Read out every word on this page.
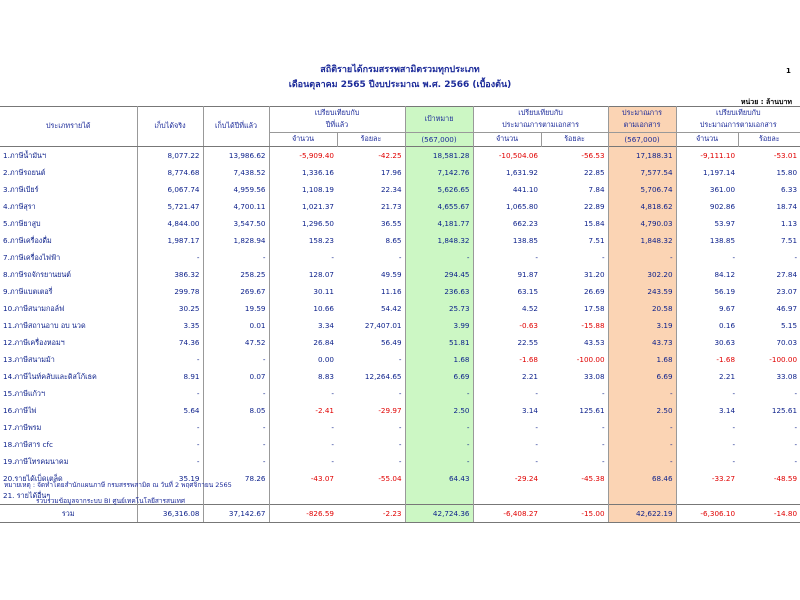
สถิติรายได้กรมสรรพสามิตรวมทุกประเภท
เดือนตุลาคม 2565 ปีงบประมาณ พ.ศ. 2566 (เบื้องต้น)
1
หน่วย : ล้านบาท
ประเภทรายได้	เก็บได้จริง	เก็บได้ปีที่แล้ว	เปรียบเทียบกับ		เป้าหมาย	เปรียบเทียบกับ		ประมาณการ	เปรียบเทียบกับ	
			ปีที่แล้ว			ประมาณการตามเอกสาร		ตามเอกสาร	ประมาณการตามเอกสาร	
			จำนวน	ร้อยละ	(567,000)	จำนวน	ร้อยละ	(567,000)	จำนวน	ร้อยละ
1.ภาษีน้ำมันฯ	8,077.22	13,986.62	-5,909.40	-42.25	18,581.28	-10,504.06	-56.53	17,188.31	-9,111.10	-53.01
2.ภาษีรถยนต์	8,774.68	7,438.52	1,336.16	17.96	7,142.76	1,631.92	22.85	7,577.54	1,197.14	15.80
3.ภาษีเบียร์	6,067.74	4,959.56	1,108.19	22.34	5,626.65	441.10	7.84	5,706.74	361.00	6.33
4.ภาษีสุรา	5,721.47	4,700.11	1,021.37	21.73	4,655.67	1,065.80	22.89	4,818.62	902.86	18.74
5.ภาษียาสูบ	4,844.00	3,547.50	1,296.50	36.55	4,181.77	662.23	15.84	4,790.03	53.97	1.13
6.ภาษีเครื่องดื่ม	1,987.17	1,828.94	158.23	8.65	1,848.32	138.85	7.51	1,848.32	138.85	7.51
7.ภาษีเครื่องไฟฟ้า	-	-	-	-	-	-	-	-	-	-
8.ภาษีรถจักรยานยนต์	386.32	258.25	128.07	49.59	294.45	91.87	31.20	302.20	84.12	27.84
9.ภาษีแบตเตอรี่	299.78	269.67	30.11	11.16	236.63	63.15	26.69	243.59	56.19	23.07
10.ภาษีสนามกอล์ฟ	30.25	19.59	10.66	54.42	25.73	4.52	17.58	20.58	9.67	46.97
11.ภาษีสถานอาบ อบ นวด	3.35	0.01	3.34	27,407.01	3.99	-0.63	-15.88	3.19	0.16	5.15
12.ภาษีเครื่องหอมฯ	74.36	47.52	26.84	56.49	51.81	22.55	43.53	43.73	30.63	70.03
13.ภาษีสนามม้า	-	-	0.00	-	1.68	-1.68	-100.00	1.68	-1.68	-100.00
14.ภาษีไนท์คลับและดิสโก้เธค	8.91	0.07	8.83	12,264.65	6.69	2.21	33.08	6.69	2.21	33.08
15.ภาษีแก้วฯ	-	-	-	-	-	-	-	-	-	-
16.ภาษีไพ่	5.64	8.05	-2.41	-29.97	2.50	3.14	125.61	2.50	3.14	125.61
17.ภาษีพรม	-	-	-	-	-	-	-	-	-	-
18.ภาษีสาร cfc	-	-	-	-	-	-	-	-	-	-
19.ภาษีโทรคมนาคม	-	-	-	-	-	-	-	-	-	-
20.รายได้เบ็ดเตล็ด	35.19	78.26	-43.07	-55.04	64.43	-29.24	-45.38	68.46	-33.27	-48.59
21. รายได้อื่นๆ										
รวม	36,316.08	37,142.67	-826.59	-2.23	42,724.36	-6,408.27	-15.00	42,622.19	-6,306.10	-14.80
หมายเหตุ : จัดทำโดยสำนักแผนภาษี กรมสรรพสามิต ณ วันที่ 2 พฤศจิกายน 2565
รวบรวมข้อมูลจากระบบ BI ศูนย์เทคโนโลยีสารสนเทศ
